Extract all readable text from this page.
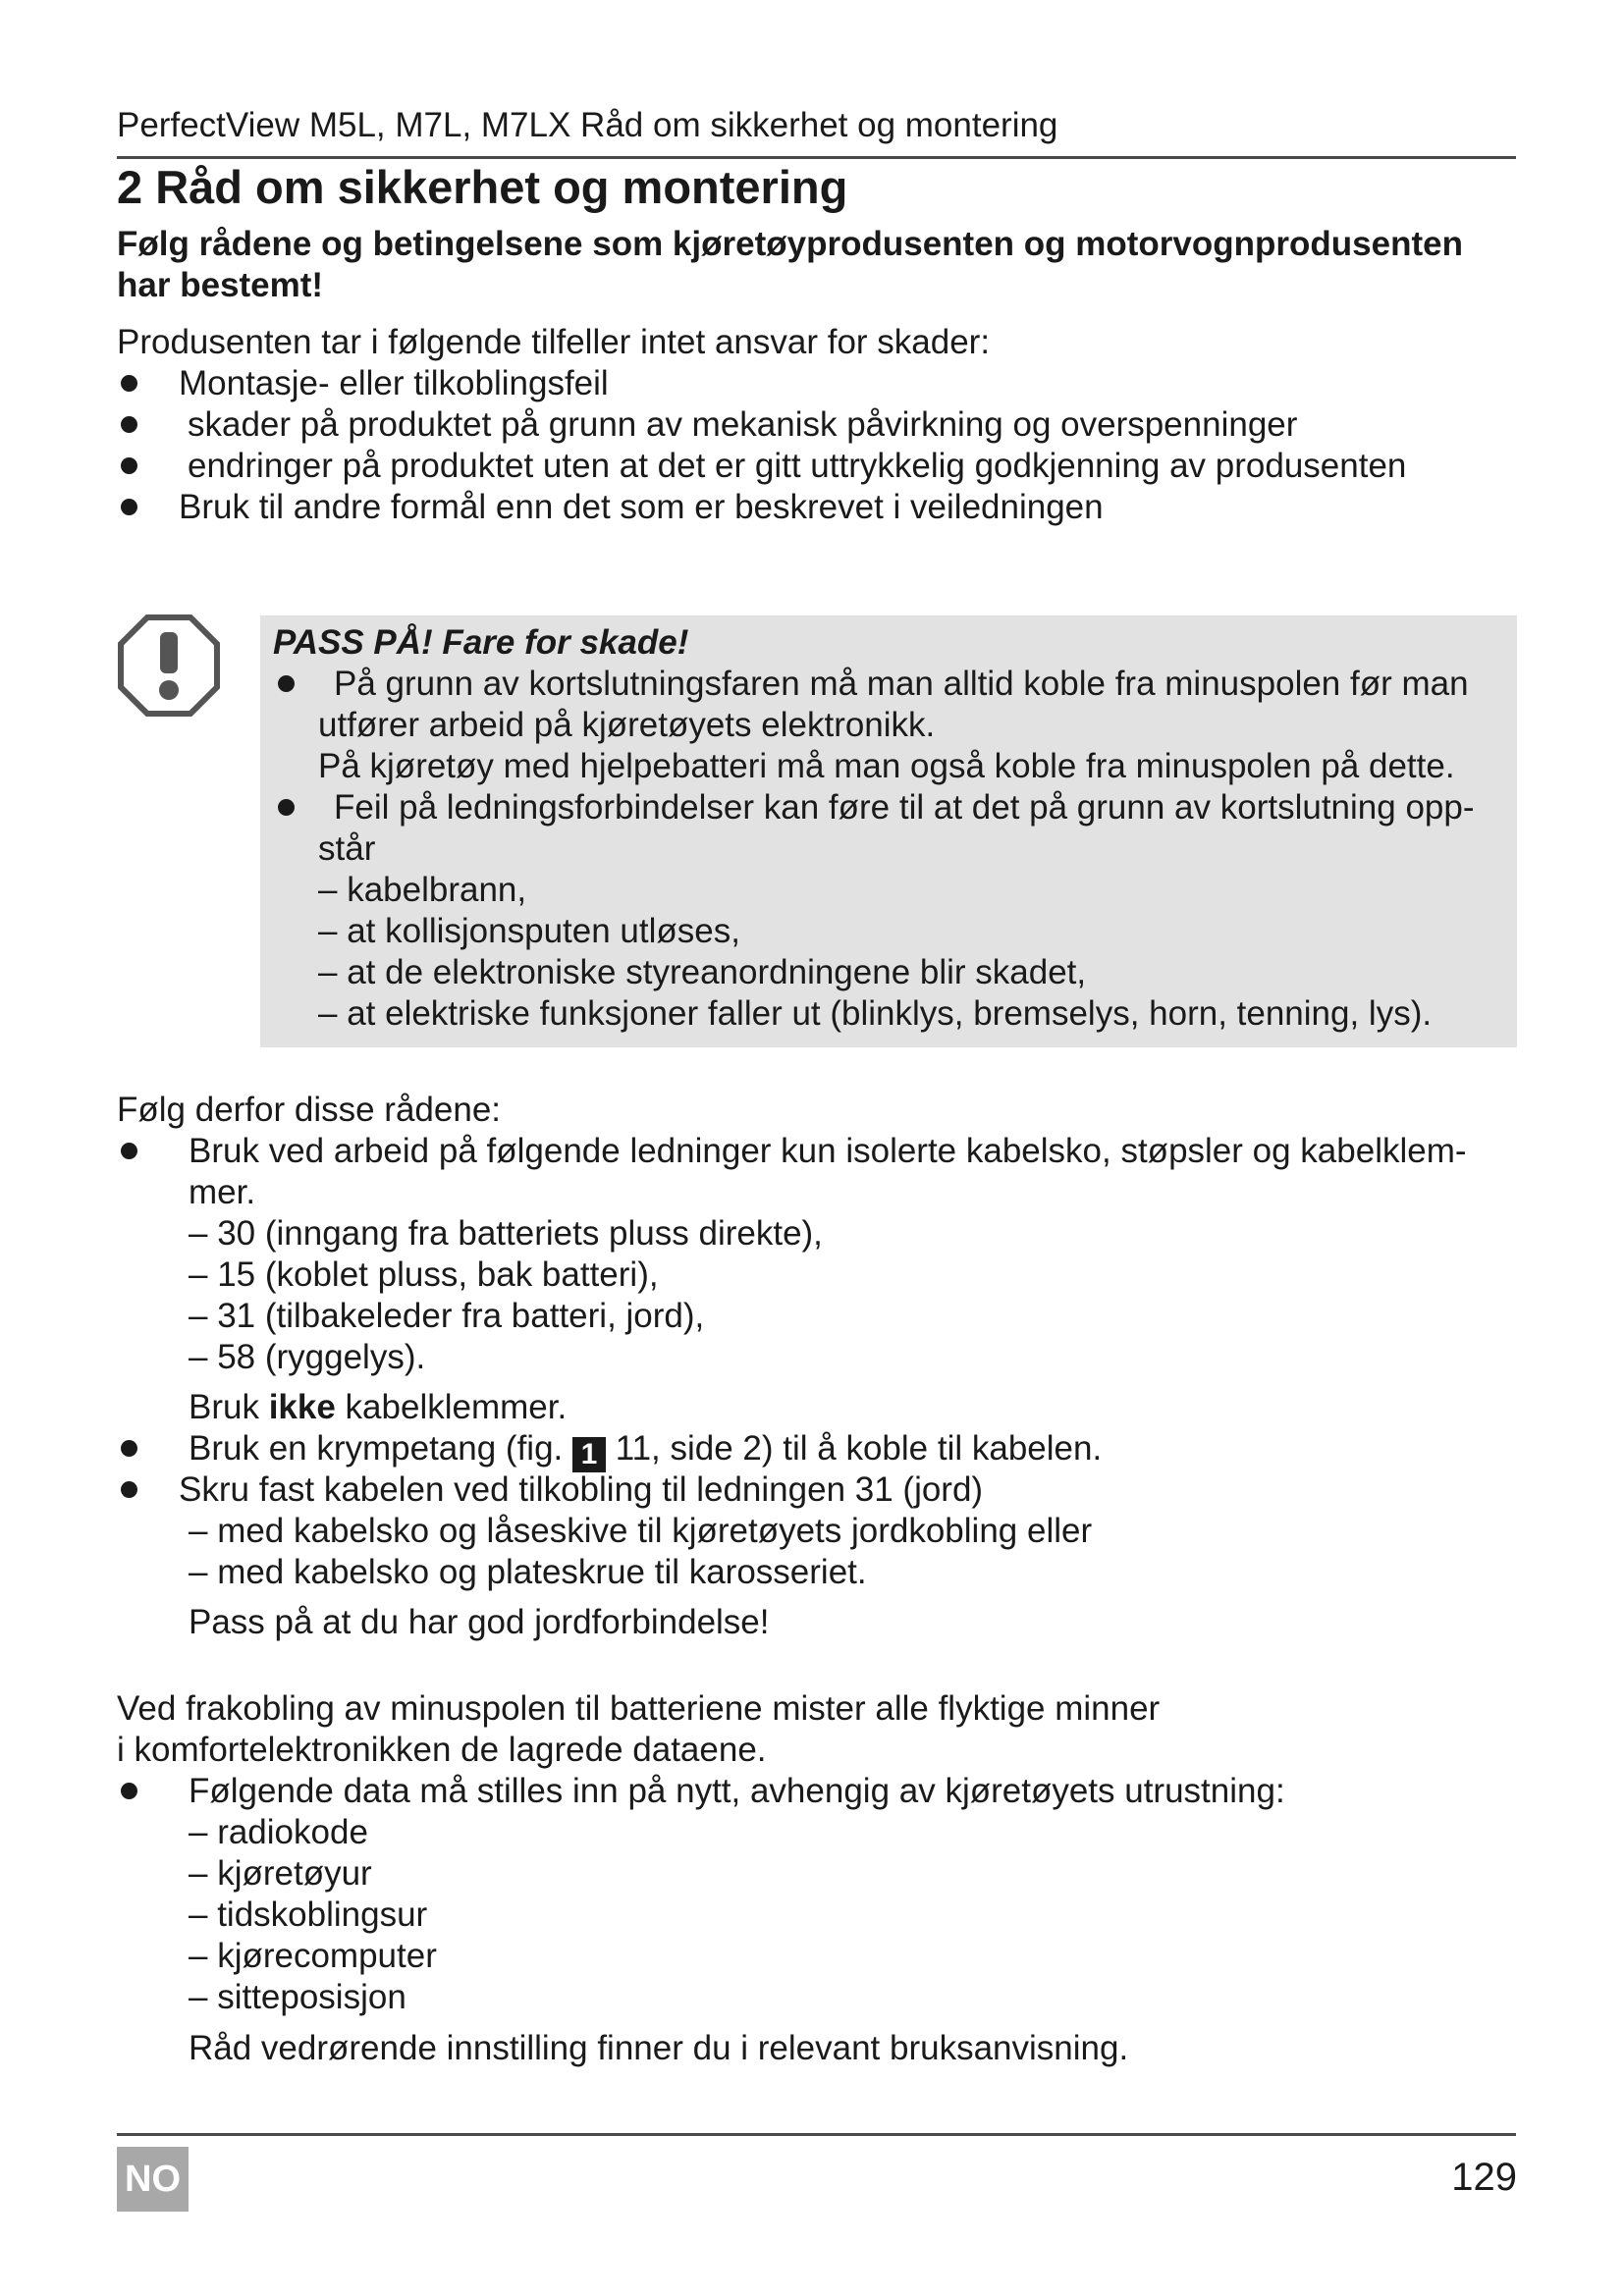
PerfectView M5L, M7L, M7LX Råd om sikkerhet og montering
2 Råd om sikkerhet og montering
Følg rådene og betingelsene som kjøretøyprodusenten og motorvognprodusenten har bestemt!
Produsenten tar i følgende tilfeller intet ansvar for skader:
Montasje- eller tilkoblingsfeil
skader på produktet på grunn av mekanisk påvirkning og overspenninger
endringer på produktet uten at det er gitt uttrykkelig godkjenning av produsenten
Bruk til andre formål enn det som er beskrevet i veiledningen
PASS PÅ! Fare for skade!
På grunn av kortslutningsfaren må man alltid koble fra minuspolen før man
utfører arbeid på kjøretøyets elektronikk.
På kjøretøy med hjelpebatteri må man også koble fra minuspolen på dette.
Feil på ledningsforbindelser kan føre til at det på grunn av kortslutning opp-
står
– kabelbrann,
– at kollisjonsputen utløses,
– at de elektroniske styreanordningene blir skadet,
– at elektriske funksjoner faller ut (blinklys, bremselys, horn, tenning, lys).
Følg derfor disse rådene:
Bruk ved arbeid på følgende ledninger kun isolerte kabelsko, støpsler og kabelklem-
mer.
– 30 (inngang fra batteriets pluss direkte),
– 15 (koblet pluss, bak batteri),
– 31 (tilbakeleder fra batteri, jord),
– 58 (ryggelys).
Bruk ikke kabelklemmer.
Bruk en krympetang (fig. 1 11, side 2) til å koble til kabelen.
Skru fast kabelen ved tilkobling til ledningen 31 (jord)
– med kabelsko og låseskive til kjøretøyets jordkobling eller
– med kabelsko og plateskrue til karosseriet.
Pass på at du har god jordforbindelse!
Ved frakobling av minuspolen til batteriene mister alle flyktige minner
i komfortelektronikken de lagrede dataene.
Følgende data må stilles inn på nytt, avhengig av kjøretøyets utrustning:
– radiokode
– kjøretøyur
– tidskoblingsur
– kjørecomputer
– sitteposisjon
Råd vedrørende innstilling finner du i relevant bruksanvisning.
NO	129
